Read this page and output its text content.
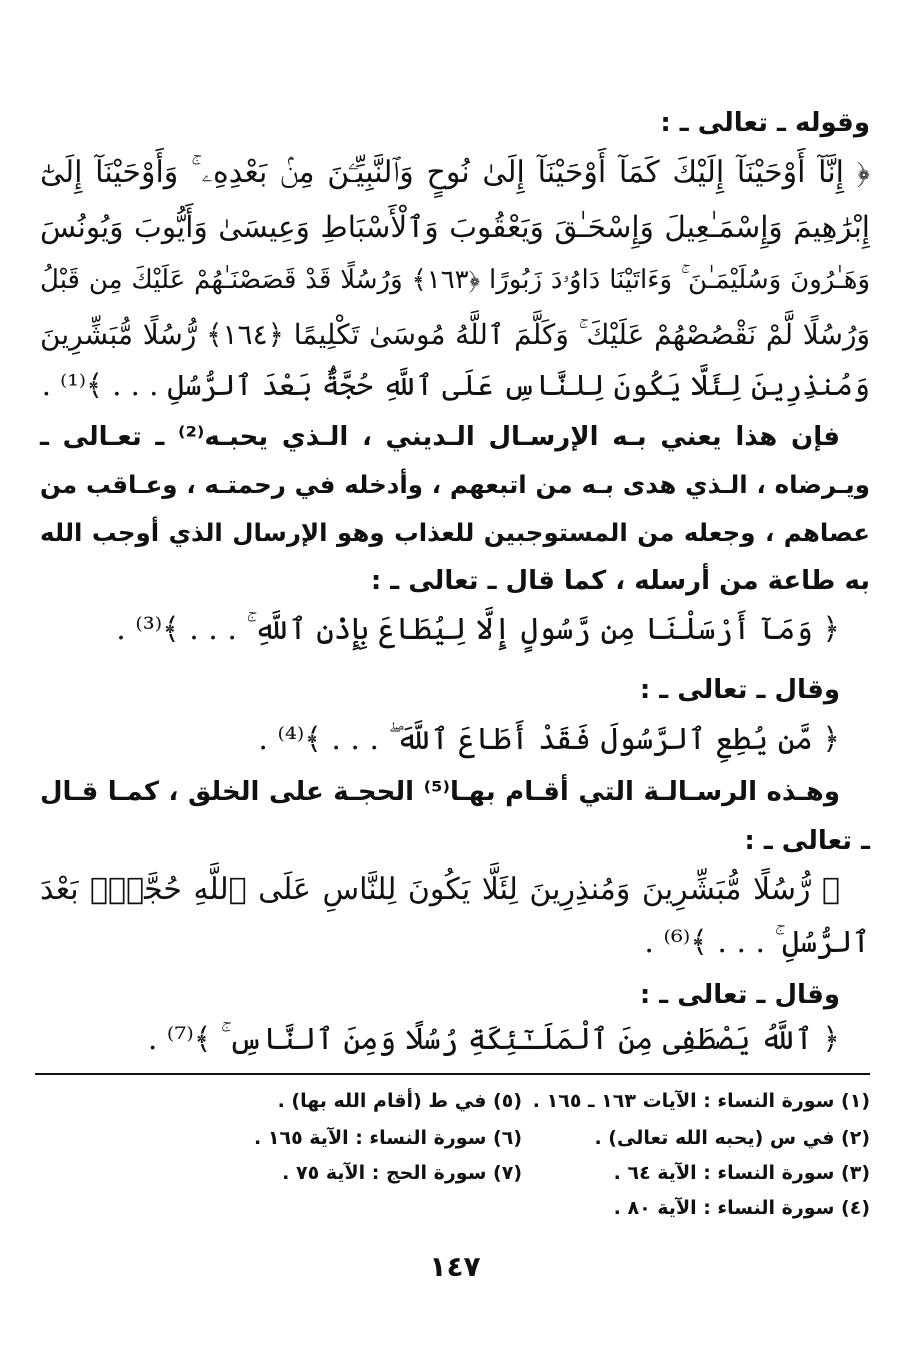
وقوله ـ تعالى ـ :
﴿ إِنَّآ أَوْحَيْنَآ إِلَيْكَ كَمَآ أَوْحَيْنَآ إِلَىٰ نُوحٍ وَٱلنَّبِيِّـۧنَ مِنۢ بَعْدِهِۦ ۚ وَأَوْحَيْنَآ إِلَىٰٓ
إِبْرَٰهِيمَ وَإِسْمَـٰعِيلَ وَإِسْحَـٰقَ وَيَعْقُوبَ وَٱلْأَسْبَاطِ وَعِيسَىٰ وَأَيُّوبَ وَيُونُسَ
وَهَـٰرُونَ وَسُلَيْمَـٰنَ ۚ وَءَاتَيْنَا دَاوُۥدَ زَبُورًا ﴿١٦٣﴾ وَرُسُلًا قَدْ قَصَصْنَـٰهُمْ عَلَيْكَ مِن قَبْلُ
وَرُسُلًا لَّمْ نَقْصُصْهُمْ عَلَيْكَ ۚ وَكَلَّمَ ٱللَّهُ مُوسَىٰ تَكْلِيمًا ﴿١٦٤﴾ رُّسُلًا مُّبَشِّرِينَ
وَمُنذِرِينَ لِئَلَّا يَكُونَ لِلنَّاسِ عَلَى ٱللَّهِ حُجَّةٌۢ بَعْدَ ٱلرُّسُلِ . . . ﴾⁽¹⁾ .
فإن هذا يعني بـه الإرسـال الـديني ، الـذي يحبـه⁽²⁾ ـ تعـالى ـ
ويـرضاه ، الـذي هدى بـه من اتبعهم ، وأدخله في رحمتـه ، وعـاقب من
عصاهم ، وجعله من المستوجبين للعذاب وهو الإرسال الذي أوجب الله
به طاعة من أرسله ، كما قال ـ تعالى ـ :
﴿ وَمَآ أَرْسَلْنَا مِن رَّسُولٍ إِلَّا لِيُطَاعَ بِإِذْنِ ٱللَّهِ ۚ . . . ﴾⁽³⁾ .
وقال ـ تعالى ـ :
﴿ مَّن يُطِعِ ٱلرَّسُولَ فَقَدْ أَطَاعَ ٱللَّهَ ۖ . . . ﴾⁽⁴⁾ .
وهـذه الرسـالـة التي أقـام بهـا⁽⁵⁾ الحجـة على الخلق ، كمـا قـال
ـ تعالى ـ :
﴿ رُّسُلًا مُّبَشِّرِينَ وَمُنذِرِينَ لِئَلَّا يَكُونَ لِلنَّاسِ عَلَى ٱللَّهِ حُجَّةٌۢ بَعْدَ
ٱلرُّسُلِ ۚ . . . ﴾⁽⁶⁾ .
وقال ـ تعالى ـ :
﴿ ٱللَّهُ يَصْطَفِى مِنَ ٱلْمَلَـٰٓئِكَةِ رُسُلًا وَمِنَ ٱلنَّاسِ ۚ ﴾⁽⁷⁾ .
(١) سورة النساء : الآيات ١٦٣ ـ ١٦٥ .
(٢) في س (يحبه الله تعالى) .
(٣) سورة النساء : الآية ٦٤ .
(٤) سورة النساء : الآية ٨٠ .
(٥) في ط (أقام الله بها) .
(٦) سورة النساء : الآية ١٦٥ .
(٧) سورة الحج : الآية ٧٥ .
١٤٧
